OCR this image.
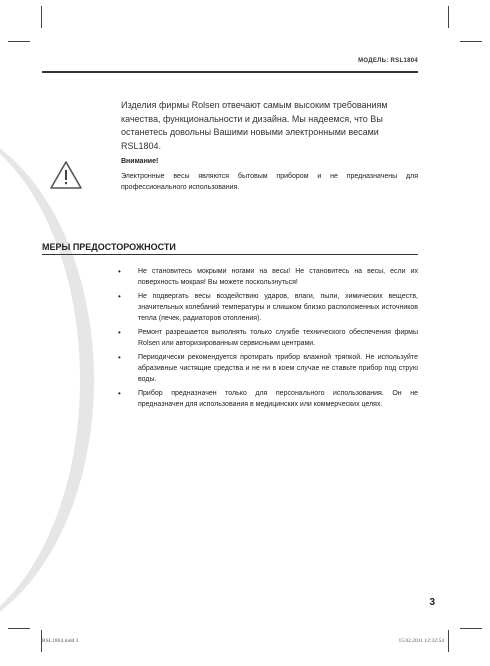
МОДЕЛЬ: RSL1804

Изделия фирмы Rolsen отвечают самым высоким требованиям качества, функциональности и дизайна. Мы надеемся, что Вы останетесь довольны Вашими новыми электронными весами RSL1804.

Внимание!
Электронные весы являются бытовым прибором и не предназначены для профессионального использования.
МЕРЫ ПРЕДОСТОРОЖНОСТИ
• Не становитесь мокрыми ногами на весы! Не становитесь на весы, если их поверхность мокрая! Вы можете поскользнуться!
• Не подвергать весы воздействию ударов, влаги, пыли, химических веществ, значительных колебаний температуры и слишком близко расположенных источников тепла (печек, радиаторов отопления).
• Ремонт разрешается выполнять только службе технического обеспечения фирмы Rolsen или авторизированным сервисными центрами.
• Периодически рекомендуется протирать прибор влажной тряпкой. Не используйте абразивные чистящие средства и не ни в коем случае не ставьте прибор под струю воды.
• Прибор предназначен только для персонального использования. Он не предназначен для использования в медицинских или коммерческих целях.
3
RSL1804.indd 3	15.02.2011 12:32:54
